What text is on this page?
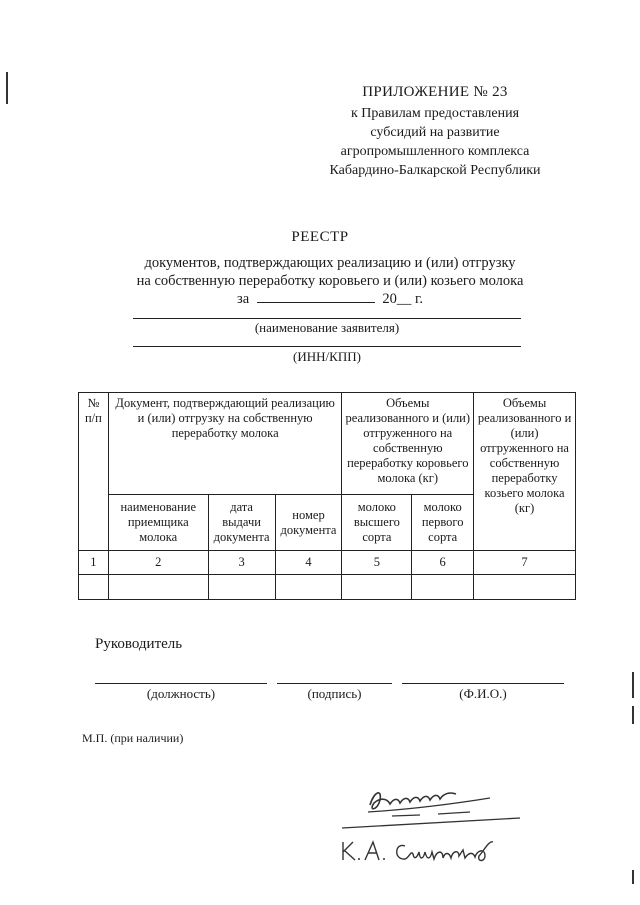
ПРИЛОЖЕНИЕ № 23
к Правилам предоставления
субсидий на развитие
агропромышленного комплекса
Кабардино-Балкарской Республики
РЕЕСТР
документов, подтверждающих реализацию и (или) отгрузку
на собственную переработку коровьего и (или) козьего молока
за	20__ г.
(наименование заявителя)
(ИНН/КПП)
№ п/п	Документ, подтверждающий реализацию и (или) отгрузку на собственную переработку молока			Объемы реализованного и (или) отгруженного на собственную переработку коровьего молока (кг)		Объемы реализованного и (или) отгруженного на собственную переработку козьего молока (кг)
	наименование приемщика молока	дата выдачи документа	номер документа	молоко высшего сорта	молоко первого сорта	
1	2	3	4	5	6	7

Руководитель
(должность)	(подпись)	(Ф.И.О.)
М.П. (при наличии)
